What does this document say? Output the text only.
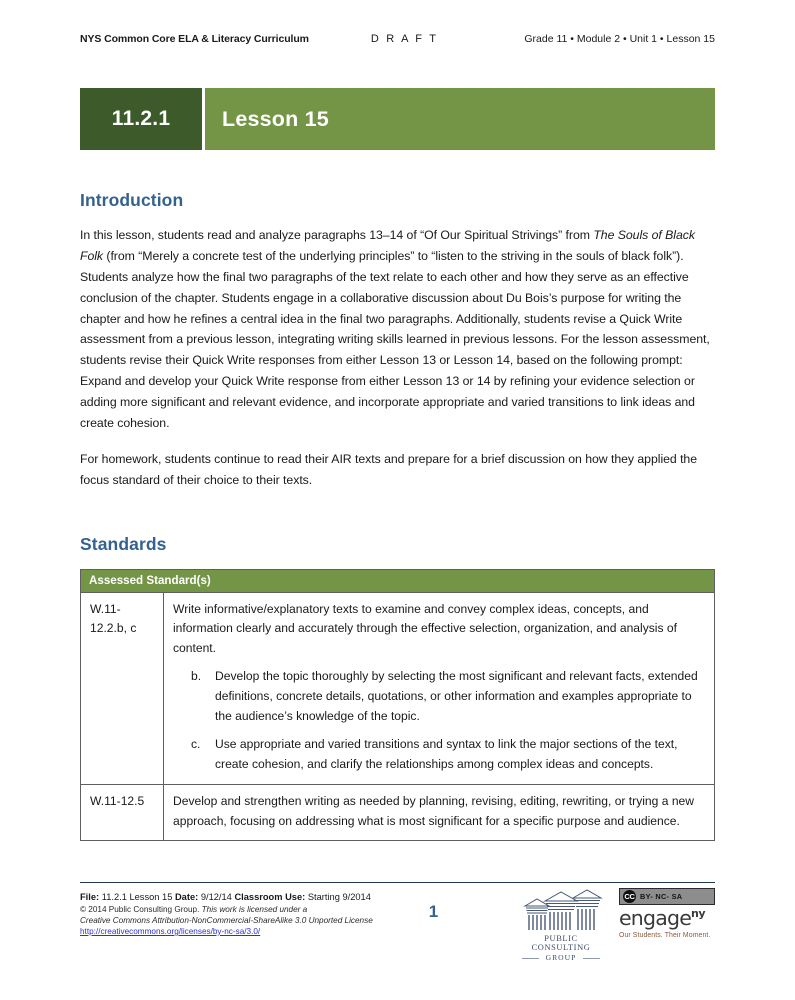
NYS Common Core ELA & Literacy Curriculum	D R A F T	Grade 11 • Module 2 • Unit 1 • Lesson 15
11.2.1	Lesson 15
Introduction

In this lesson, students read and analyze paragraphs 13–14 of “Of Our Spiritual Strivings” from The Souls of Black Folk (from “Merely a concrete test of the underlying principles” to “listen to the striving in the souls of black folk”). Students analyze how the final two paragraphs of the text relate to each other and how they serve as an effective conclusion of the chapter. Students engage in a collaborative discussion about Du Bois’s purpose for writing the chapter and how he refines a central idea in the final two paragraphs. Additionally, students revise a Quick Write assessment from a previous lesson, integrating writing skills learned in previous lessons. For the lesson assessment, students revise their Quick Write responses from either Lesson 13 or Lesson 14, based on the following prompt: Expand and develop your Quick Write response from either Lesson 13 or 14 by refining your evidence selection or adding more significant and relevant evidence, and incorporate appropriate and varied transitions to link ideas and create cohesion.

For homework, students continue to read their AIR texts and prepare for a brief discussion on how they applied the focus standard of their choice to their texts.

Standards
Assessed Standard(s)	
W.11-12.2.b, c	Write informative/explanatory texts to examine and convey complex ideas, concepts, and information clearly and accurately through the effective selection, organization, and analysis of content.
b.	Develop the topic thoroughly by selecting the most significant and relevant facts, extended definitions, concrete details, quotations, or other information and examples appropriate to the audience’s knowledge of the topic.
c.	Use appropriate and varied transitions and syntax to link the major sections of the text, create cohesion, and clarify the relationships among complex ideas and concepts.

W.11-12.5	Develop and strengthen writing as needed by planning, revising, editing, rewriting, or trying a new approach, focusing on addressing what is most significant for a specific purpose and audience.
File: 11.2.1 Lesson 15 Date: 9/12/14 Classroom Use: Starting 9/2014
© 2014 Public Consulting Group. This work is licensed under a
Creative Commons Attribution-NonCommercial-ShareAlike 3.0 Unported License
http://creativecommons.org/licenses/by-nc-sa/3.0/
1
PUBLIC CONSULTING
GROUP
CC BY- NC- SA
engage$^{ny}$
Our Students. Their Moment.
